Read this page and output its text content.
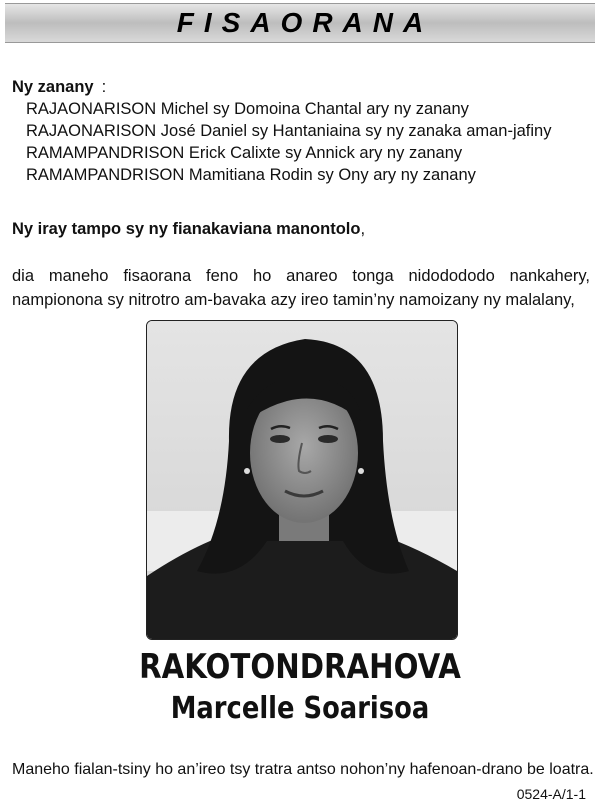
FISAORANA
Ny zanany :
RAJAONARISON Michel sy Domoina Chantal ary ny zanany
RAJAONARISON José Daniel sy Hantaniaina sy ny zanaka aman-jafiny
RAMAMPANDRISON Erick Calixte sy Annick ary ny zanany
RAMAMPANDRISON Mamitiana Rodin sy Ony ary ny zanany
Ny iray tampo sy ny fianakaviana manontolo,
dia maneho fisaorana feno ho anareo tonga nidodododo nankahery,
nampionona sy nitrotro am-bavaka azy ireo tamin’ny namoizany ny malalany,
RAKOTONDRAHOVA
Marcelle Soarisoa
Maneho fialan-tsiny ho an’ireo tsy tratra antso nohon’ny hafenoan-drano be loatra.
0524-A/1-1
